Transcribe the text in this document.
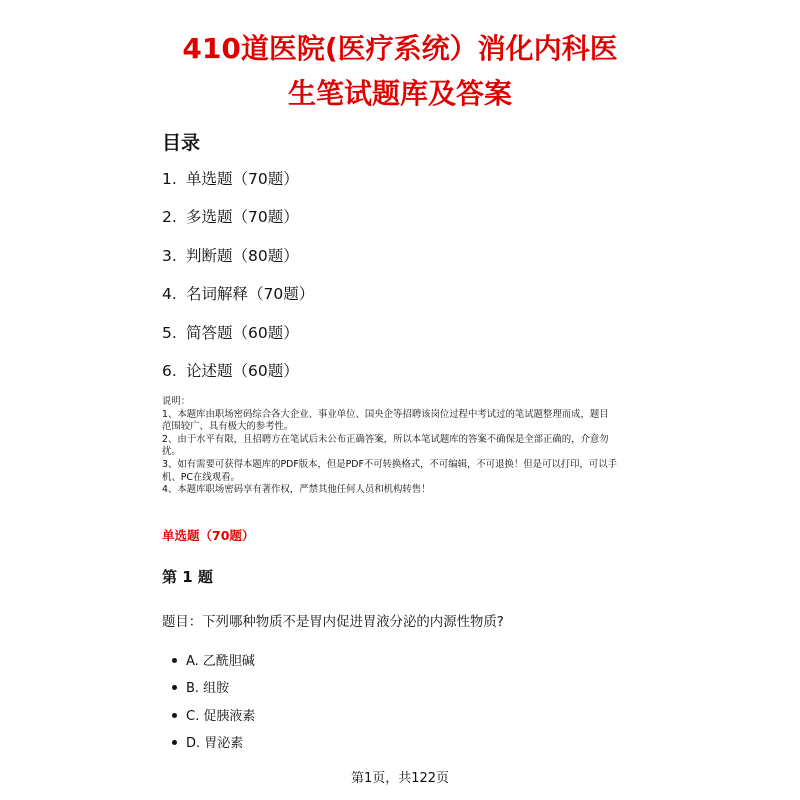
410道医院(医疗系统）消化内科医
生笔试题库及答案
目录
1. 单选题（70题）
2. 多选题（70题）
3. 判断题（80题）
4. 名词解释（70题）
5. 简答题（60题）
6. 论述题（60题）
说明：
1、本题库由职场密码综合各大企业、事业单位、国央企等招聘该岗位过程中考试过的笔试题整理而成，题目
范围较广、具有极大的参考性。
2、由于水平有限，且招聘方在笔试后未公布正确答案，所以本笔试题库的答案不确保是全部正确的，介意勿
扰。
3、如有需要可获得本题库的PDF版本，但是PDF不可转换格式，不可编辑，不可退换！但是可以打印，可以手
机、PC在线观看。
4、本题库职场密码享有著作权，严禁其他任何人员和机构转售！
单选题（70题）
第 1 题

题目：下列哪种物质不是胃内促进胃液分泌的内源性物质?

A. 乙酰胆碱
B. 组胺
C. 促胰液素
D. 胃泌素
第1页，共122页
